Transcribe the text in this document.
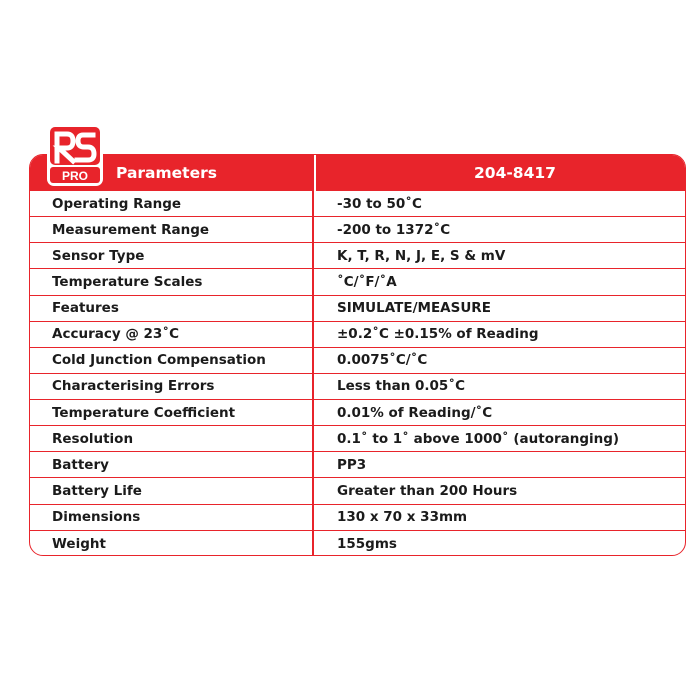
Parameters	204-8417
Operating Range	-30 to 50˚C
Measurement Range	-200 to 1372˚C
Sensor Type	K, T, R, N, J, E, S & mV
Temperature Scales	˚C/˚F/˚A
Features	SIMULATE/MEASURE
Accuracy @ 23˚C	±0.2˚C ±0.15% of Reading
Cold Junction Compensation	0.0075˚C/˚C
Characterising Errors	Less than 0.05˚C
Temperature Coefficient	0.01% of Reading/˚C
Resolution	0.1˚ to 1˚ above 1000˚ (autoranging)
Battery	PP3
Battery Life	Greater than 200 Hours
Dimensions	130 x 70 x 33mm
Weight	155gms
PRO
